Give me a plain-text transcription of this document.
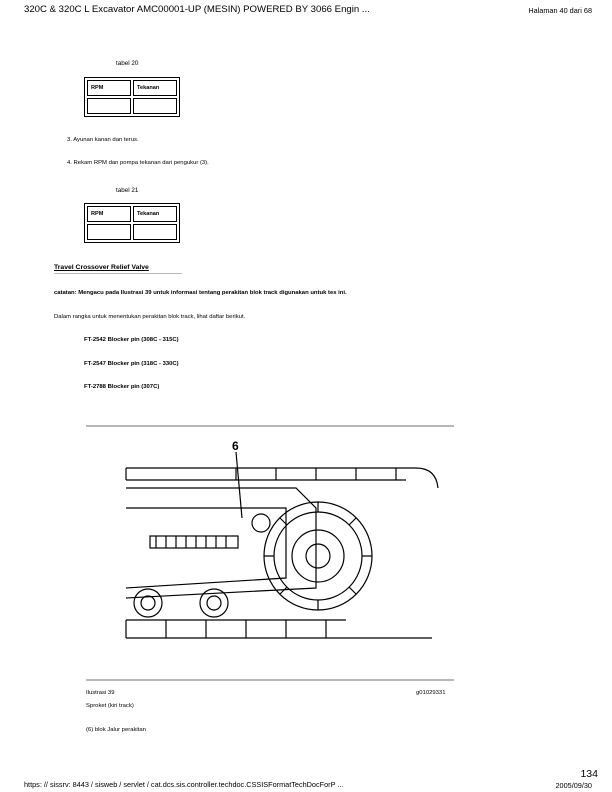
320C & 320C L Excavator AMC00001-UP (MESIN) POWERED BY 3066 Engin ...	Halaman 40 dari 68
tabel 20
RPM	Tekanan

3. Ayunan kanan dan terus.
4. Rekam RPM dan pompa tekanan dari pengukur (3).
tabel 21
RPM	Tekanan

Travel Crossover Relief Valve
catatan: Mengacu pada Ilustrasi 39 untuk informasi tentang perakitan blok track digunakan untuk tes ini.
Dalam rangka untuk menentukan perakitan blok track, lihat daftar berikut.
FT-2542 Blocker pin (308C - 315C)
FT-2547 Blocker pin (318C - 330C)
FT-2788 Blocker pin (307C)
6
Ilustrasi 39	g01029331
Sproket (kiri track)
(6) blok Jalur perakitan
134
https: // sissrv: 8443 / sisweb / servlet / cat.dcs.sis.controller.techdoc.CSSISFormatTechDocForP ...	2005/09/30
